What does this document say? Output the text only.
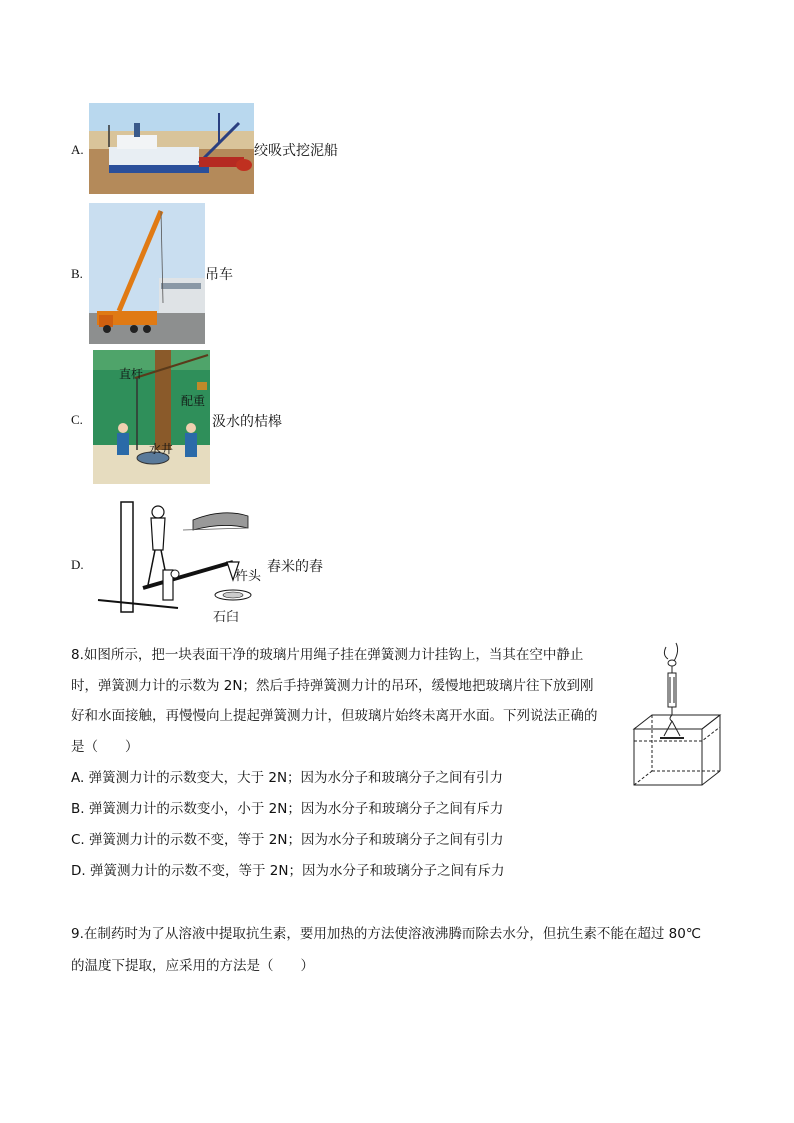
A.	绞吸式挖泥船
B.	吊车
C.
直杆
配重
水井
汲水的桔槔
D.
杵头
石臼
舂米的舂
8.如图所示，把一块表面干净的玻璃片用绳子挂在弹簧测力计挂钩上，当其在空中静止
时，弹簧测力计的示数为 2N；然后手持弹簧测力计的吊环，缓慢地把玻璃片往下放到刚
好和水面接触，再慢慢向上提起弹簧测力计，但玻璃片始终未离开水面。下列说法正确的
是（　　）
A. 弹簧测力计的示数变大，大于 2N；因为水分子和玻璃分子之间有引力
B. 弹簧测力计的示数变小，小于 2N；因为水分子和玻璃分子之间有斥力
C. 弹簧测力计的示数不变，等于 2N；因为水分子和玻璃分子之间有引力
D. 弹簧测力计的示数不变，等于 2N；因为水分子和玻璃分子之间有斥力
9.在制药时为了从溶液中提取抗生素，要用加热的方法使溶液沸腾而除去水分，但抗生素不能在超过 80℃
的温度下提取，应采用的方法是（　　）
